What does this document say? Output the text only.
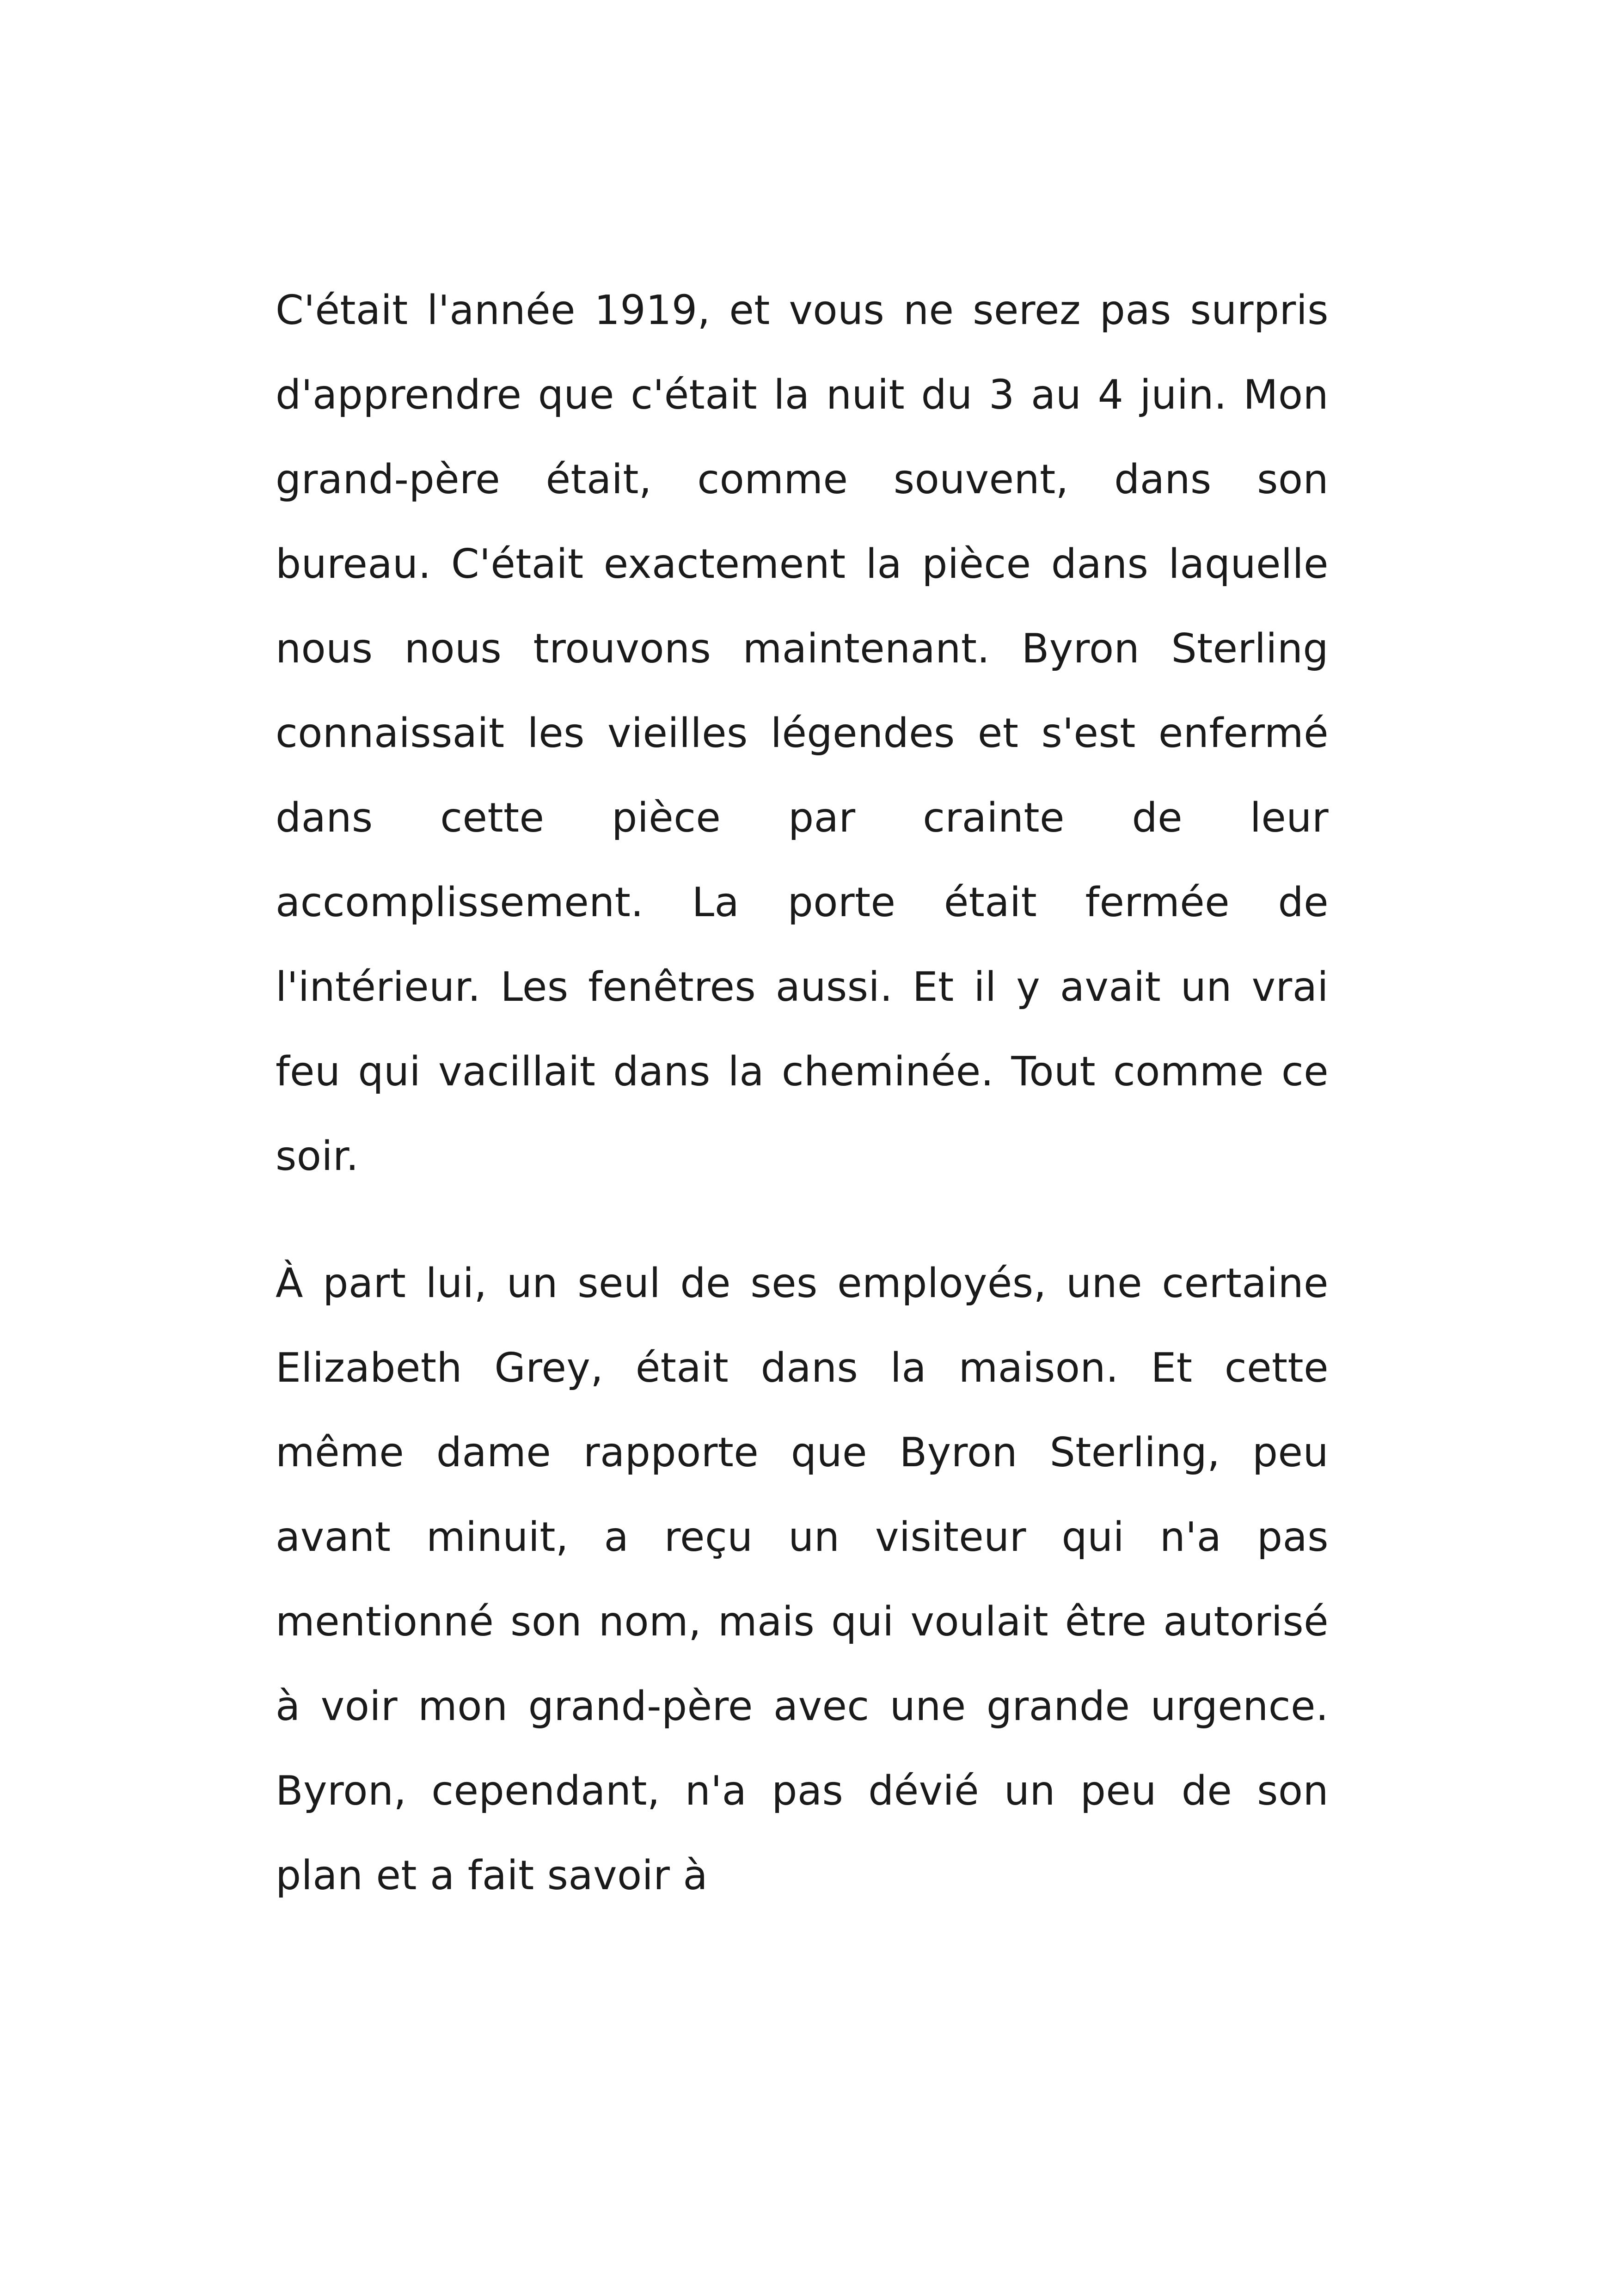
C'était l'année 1919, et vous ne serez pas surpris d'apprendre que c'était la nuit du 3 au 4 juin. Mon grand-père était, comme souvent, dans son bureau. C'était exactement la pièce dans laquelle nous nous trouvons maintenant. Byron Sterling connaissait les vieilles légendes et s'est enfermé dans cette pièce par crainte de leur accomplissement. La porte était fermée de l'intérieur. Les fenêtres aussi. Et il y avait un vrai feu qui vacillait dans la cheminée. Tout comme ce soir.

À part lui, un seul de ses employés, une certaine Elizabeth Grey, était dans la maison. Et cette même dame rapporte que Byron Sterling, peu avant minuit, a reçu un visiteur qui n'a pas mentionné son nom, mais qui voulait être autorisé à voir mon grand-père avec une grande urgence. Byron, cependant, n'a pas dévié un peu de son plan et a fait savoir à
